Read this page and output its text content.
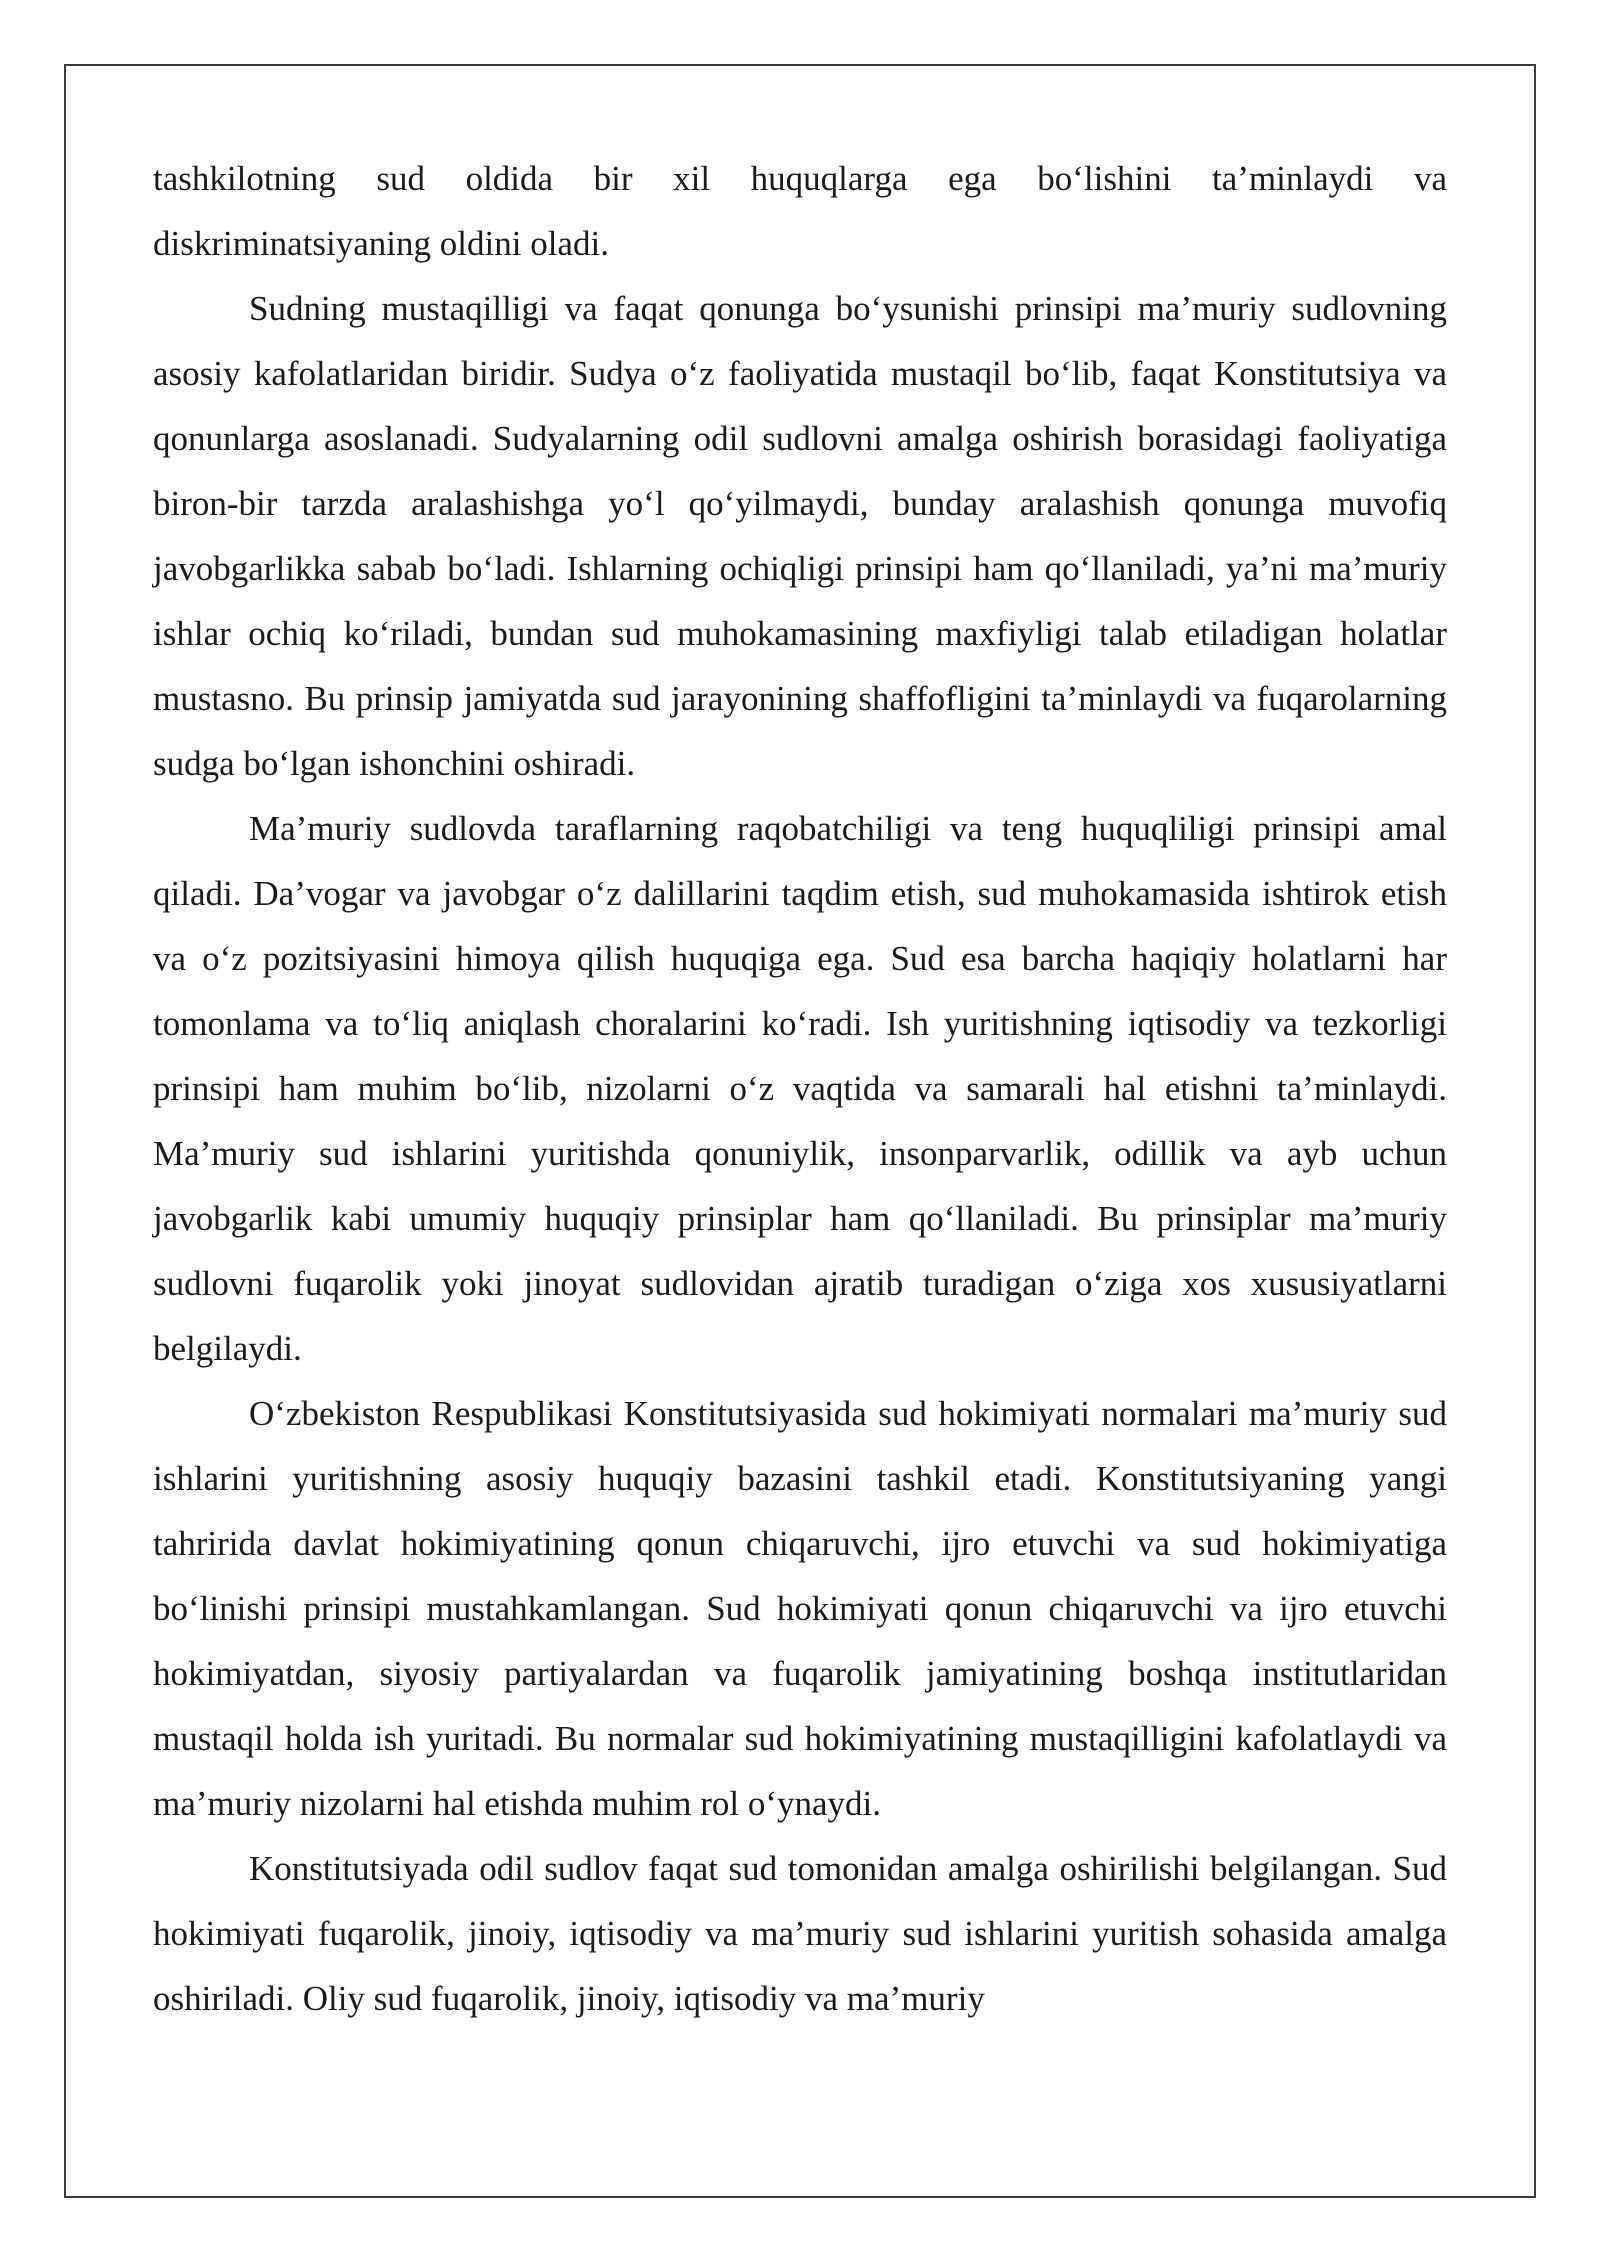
tashkilotning sud oldida bir xil huquqlarga ega bo‘lishini ta’minlaydi va diskriminatsiyaning oldini oladi.

Sudning mustaqilligi va faqat qonunga bo‘ysunishi prinsipi ma’muriy sudlovning asosiy kafolatlaridan biridir. Sudya o‘z faoliyatida mustaqil bo‘lib, faqat Konstitutsiya va qonunlarga asoslanadi. Sudyalarning odil sudlovni amalga oshirish borasidagi faoliyatiga biron-bir tarzda aralashishga yo‘l qo‘yilmaydi, bunday aralashish qonunga muvofiq javobgarlikka sabab bo‘ladi. Ishlarning ochiqligi prinsipi ham qo‘llaniladi, ya’ni ma’muriy ishlar ochiq ko‘riladi, bundan sud muhokamasining maxfiyligi talab etiladigan holatlar mustasno. Bu prinsip jamiyatda sud jarayonining shaffofligini ta’minlaydi va fuqarolarning sudga bo‘lgan ishonchini oshiradi.

Ma’muriy sudlovda taraflarning raqobatchiligi va teng huquqliligi prinsipi amal qiladi. Da’vogar va javobgar o‘z dalillarini taqdim etish, sud muhokamasida ishtirok etish va o‘z pozitsiyasini himoya qilish huquqiga ega. Sud esa barcha haqiqiy holatlarni har tomonlama va to‘liq aniqlash choralarini ko‘radi. Ish yuritishning iqtisodiy va tezkorligi prinsipi ham muhim bo‘lib, nizolarni o‘z vaqtida va samarali hal etishni ta’minlaydi. Ma’muriy sud ishlarini yuritishda qonuniylik, insonparvarlik, odillik va ayb uchun javobgarlik kabi umumiy huquqiy prinsiplar ham qo‘llaniladi. Bu prinsiplar ma’muriy sudlovni fuqarolik yoki jinoyat sudlovidan ajratib turadigan o‘ziga xos xususiyatlarni belgilaydi.

O‘zbekiston Respublikasi Konstitutsiyasida sud hokimiyati normalari ma’muriy sud ishlarini yuritishning asosiy huquqiy bazasini tashkil etadi. Konstitutsiyaning yangi tahririda davlat hokimiyatining qonun chiqaruvchi, ijro etuvchi va sud hokimiyatiga bo‘linishi prinsipi mustahkamlangan. Sud hokimiyati qonun chiqaruvchi va ijro etuvchi hokimiyatdan, siyosiy partiyalardan va fuqarolik jamiyatining boshqa institutlaridan mustaqil holda ish yuritadi. Bu normalar sud hokimiyatining mustaqilligini kafolatlaydi va ma’muriy nizolarni hal etishda muhim rol o‘ynaydi.

Konstitutsiyada odil sudlov faqat sud tomonidan amalga oshirilishi belgilangan. Sud hokimiyati fuqarolik, jinoiy, iqtisodiy va ma’muriy sud ishlarini yuritish sohasida amalga oshiriladi. Oliy sud fuqarolik, jinoiy, iqtisodiy va ma’muriy
